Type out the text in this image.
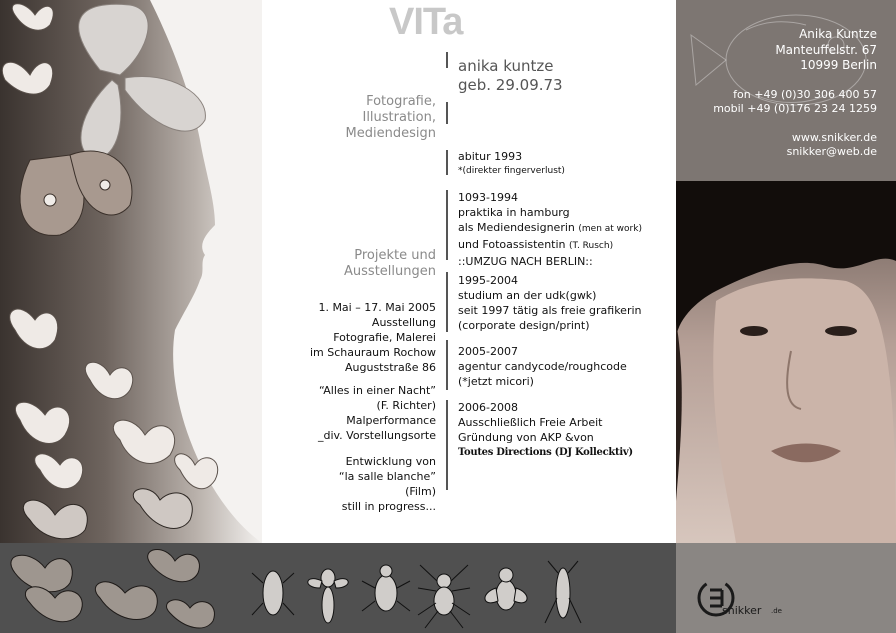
Anika Kuntze
Manteuffelstr. 67
10999 Berlin
fon +49 (0)30 306 400 57
mobil +49 (0)176 23 24 1259
www.snikker.de
snikker@web.de
snikker .de
VITa
anika kuntze
geb. 29.09.73
Fotografie,
Illustration,
Mediendesign
Projekte und
Ausstellungen
1. Mai – 17. Mai 2005
Ausstellung
Fotografie, Malerei
im Schauraum Rochow
Auguststraße 86
“Alles in einer Nacht”
(F. Richter)
Malperformance
_div. Vorstellungsorte
Entwicklung von
“la salle blanche”
(Film)
still in progress...
abitur 1993
*(direkter fingerverlust)
1093-1994
praktika in hamburg
als Mediendesignerin (men at work)
und Fotoassistentin (T. Rusch)
::UMZUG NACH BERLIN::
1995-2004
studium an der udk(gwk)
seit 1997 tätig als freie grafikerin
(corporate design/print)
2005-2007
agentur candycode/roughcode
(*jetzt micori)
2006-2008
Ausschließlich Freie Arbeit
Gründung von AKP &von
Toutes Directions (DJ Kollecktiv)
